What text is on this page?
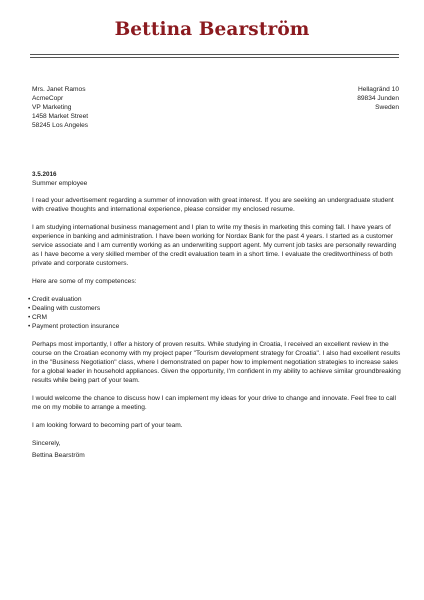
Bettina Bearström
Mrs. Janet Ramos
AcmeCopr
VP Marketing
1458 Market Street
58245 Los Angeles
Hellagränd 10
89834 Junden
Sweden
3.5.2016
Summer employee

I read your advertisement regarding a summer of innovation with great interest. If you are seeking an undergraduate student with creative thoughts and international experience, please consider my enclosed resume.

I am studying international business management and I plan to write my thesis in marketing this coming fall. I have years of experience in banking and administration. I have been working for Nordax Bank for the past 4 years. I started as a customer service associate and I am currently working as an underwriting support agent. My current job tasks are personally rewarding as I have become a very skilled member of the credit evaluation team in a short time. I evaluate the creditworthiness of both private and corporate customers.

Here are some of my competences:

• Credit evaluation
• Dealing with customers
• CRM
• Payment protection insurance

Perhaps most importantly, I offer a history of proven results. While studying in Croatia, I received an excellent review in the course on the Croatian economy with my project paper "Tourism development strategy for Croatia". I also had excellent results in the "Business Negotiation" class, where I demonstrated on paper how to implement negotiation strategies to increase sales for a global leader in household appliances. Given the opportunity, I'm confident in my ability to achieve similar groundbreaking results while being part of your team.

I would welcome the chance to discuss how I can implement my ideas for your drive to change and innovate. Feel free to call me on my mobile to arrange a meeting.

I am looking forward to becoming part of your team.

Sincerely,

Bettina Bearström
